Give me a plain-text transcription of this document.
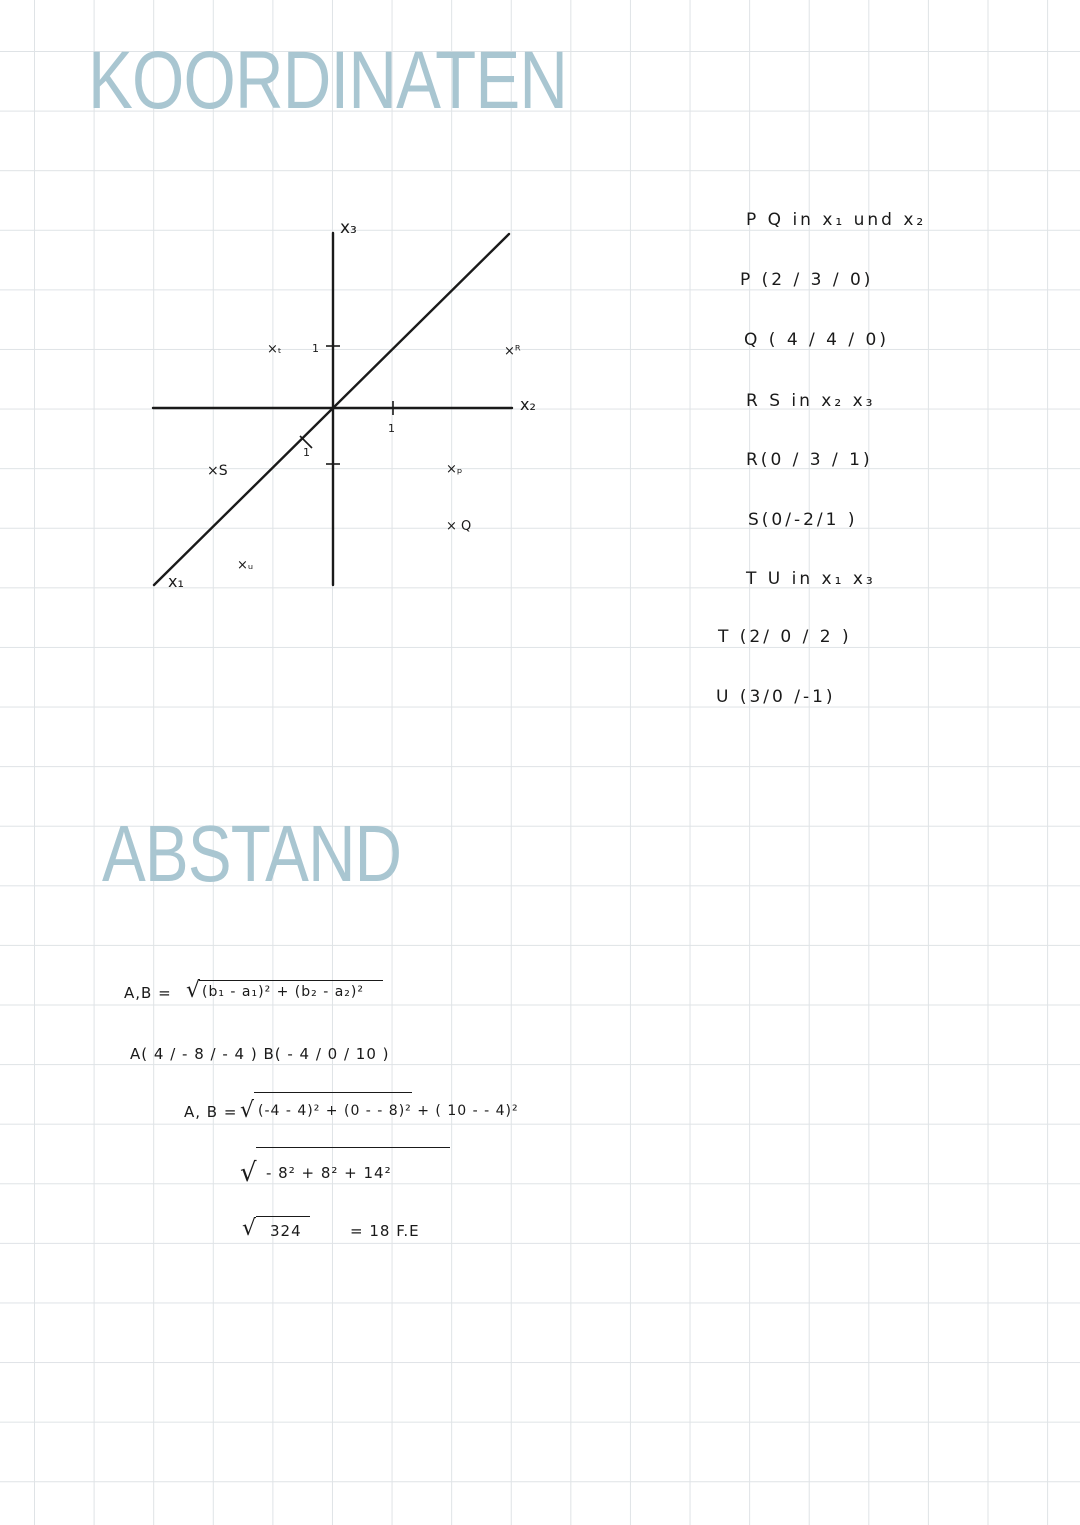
KOORDINATEN
x₃
x₂
x₁
1
1
1
×ₜ	×ᴿ
×S	×ₚ
× Q
×ᵤ
P Q in x₁ und x₂
P (2 / 3 / 0)
Q ( 4 / 4 / 0)
R S in x₂ x₃
R(0 / 3 / 1)
S(0/-2/1 )
T U in x₁ x₃
T (2/ 0 / 2 )
U (3/0 /-1)
ABSTAND
A,B = √ (b₁ - a₁)² + (b₂ - a₂)²
A( 4 / - 8 / - 4 ) B( - 4 / 0 / 10 )
A, B = √ (-4 - 4)² + (0 - - 8)² + ( 10 - - 4)²
√ - 8² + 8² + 14²
√ 324	= 18 F.E
